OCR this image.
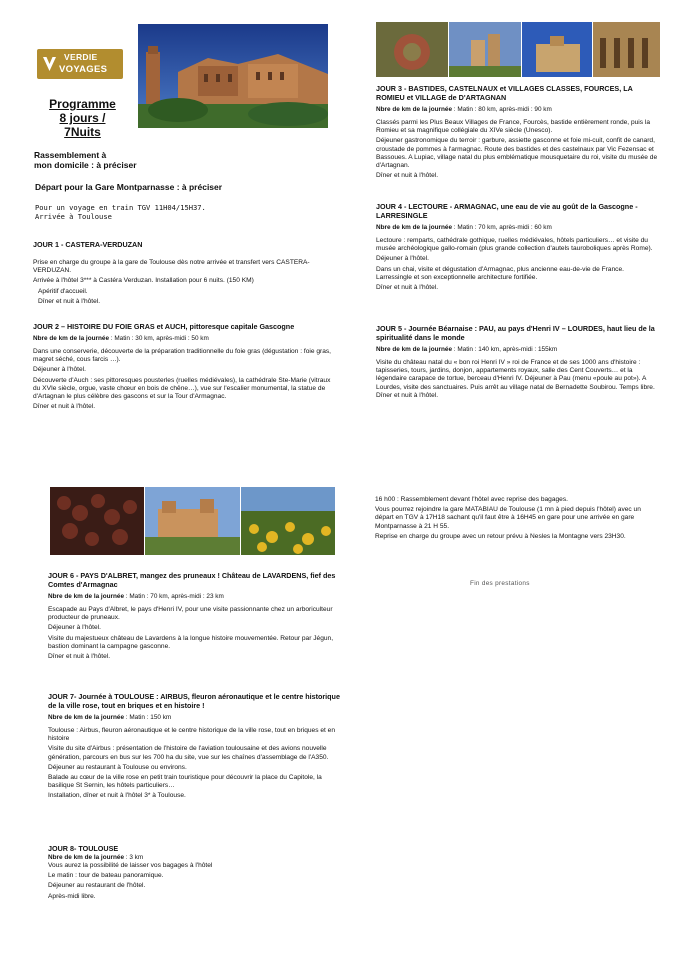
VERDIE
VOYAGES
Programme
8 jours /
7Nuits
Rassemblement à
mon domicile : à préciser
Départ pour la Gare Montparnasse : à préciser
Pour un voyage en train TGV 11H04/15H37.
Arrivée à Toulouse
JOUR 1 - CASTERA-VERDUZAN
Prise en charge du groupe à la gare de Toulouse dès notre arrivée et transfert vers CASTERA-VERDUZAN.
Arrivée à l'hôtel 3*** à Castéra Verduzan. Installation pour 6 nuits. (150 KM)
Apéritif d'accueil.
Dîner et nuit à l'hôtel.
JOUR 2 – HISTOIRE DU FOIE GRAS et AUCH, pittoresque capitale Gascogne
Nbre de km de la journée : Matin : 30 km, après-midi : 50 km
Dans une conserverie, découverte de la préparation traditionnelle du foie gras (dégustation : foie gras, magret séché, cous farcis …).
Déjeuner à l'hôtel.
Découverte d'Auch : ses pittoresques pousterles (ruelles médiévales), la cathédrale Ste-Marie (vitraux du XVIe siècle, orgue, vaste chœur en bois de chêne…), vue sur l'escalier monumental, la statue de d'Artagnan le plus célèbre des gascons et sur la Tour d'Armagnac.
Dîner et nuit à l'hôtel.
JOUR 3 - BASTIDES, CASTELNAUX et VILLAGES CLASSES, FOURCES, LA ROMIEU et VILLAGE de D'ARTAGNAN
Nbre de km de la journée : Matin : 80 km, après-midi : 90 km
Classés parmi les Plus Beaux Villages de France, Fourcès, bastide entièrement ronde, puis la Romieu et sa magnifique collégiale du XIVe siècle (Unesco).
Déjeuner gastronomique du terroir : garbure, assiette gasconne et foie mi-cuit, confit de canard, croustade de pommes à l'armagnac. Route des bastides et des castelnaux par Vic Fezensac et Bassoues. A Lupiac, village natal du plus emblématique mousquetaire du roi, visite du musée de d'Artagnan.
Dîner et nuit à l'hôtel.
JOUR 4 - LECTOURE - ARMAGNAC, une eau de vie au goût de la Gascogne - LARRESINGLE
Nbre de km de la journée : Matin : 70 km, après-midi : 60 km
Lectoure : remparts, cathédrale gothique, ruelles médiévales, hôtels particuliers… et visite du musée archéologique gallo-romain (plus grande collection d'autels tauroboliques après Rome).
Déjeuner à l'hôtel.
Dans un chai, visite et dégustation d'Armagnac, plus ancienne eau-de-vie de France. Larressingle et son exceptionnelle architecture fortifiée.
Dîner et nuit à l'hôtel.
JOUR 5 - Journée Béarnaise : PAU, au pays d'Henri IV – LOURDES, haut lieu de la spiritualité dans le monde
Nbre de km de la journée : Matin : 140 km, après-midi : 155km
Visite du château natal du « bon roi Henri IV » roi de France et de ses 1000 ans d'histoire : tapisseries, tours, jardins, donjon, appartements royaux, salle des Cent Couverts… et la légendaire carapace de tortue, berceau d'Henri IV. Déjeuner à Pau (menu «poule au pot»). A Lourdes, visite des sanctuaires. Puis arrêt au village natal de Bernadette Soubirou. Temps libre. Dîner et nuit à l'hôtel.
JOUR 6 - PAYS D'ALBRET, mangez des pruneaux ! Château de LAVARDENS, fief des Comtes d'Armagnac
Nbre de km de la journée : Matin : 70 km, après-midi : 23 km
Escapade au Pays d'Albret, le pays d'Henri IV, pour une visite passionnante chez un arboriculteur producteur de pruneaux.
Déjeuner à l'hôtel.
Visite du majestueux château de Lavardens à la longue histoire mouvementée. Retour par Jégun, bastion dominant la campagne gasconne.
Dîner et nuit à l'hôtel.
JOUR 7- Journée à TOULOUSE : AIRBUS, fleuron aéronautique et le centre historique de la ville rose, tout en briques et en histoire !
Nbre de km de la journée : Matin : 150 km
Toulouse : Airbus, fleuron aéronautique et le centre historique de la ville rose, tout en briques et en histoire
Visite du site d'Airbus : présentation de l'histoire de l'aviation toulousaine et des avions nouvelle génération, parcours en bus sur les 700 ha du site, vue sur les chaînes d'assemblage de l'A350.
Déjeuner au restaurant à Toulouse ou environs.
Balade au cœur de la ville rose en petit train touristique pour découvrir la place du Capitole, la basilique St Sernin, les hôtels particuliers…
Installation, dîner et nuit à l'hôtel 3* à Toulouse.
JOUR 8- TOULOUSE
Nbre de km de la journée : 3 km
Vous aurez la possibilité de laisser vos bagages à l'hôtel
Le matin : tour de bateau panoramique.
Déjeuner au restaurant de l'hôtel.
Après-midi libre.
16 h00 : Rassemblement devant l'hôtel avec reprise des bagages.
Vous pourrez rejoindre la gare MATABIAU de Toulouse (1 mn à pied depuis l'hôtel) avec un départ en TGV à 17H18 sachant qu'il faut être à 16H45 en gare pour une arrivée en gare Montparnasse à 21 H 55.
Reprise en charge du groupe avec un retour prévu à Nesles la Montagne vers 23H30.
Fin des prestations
